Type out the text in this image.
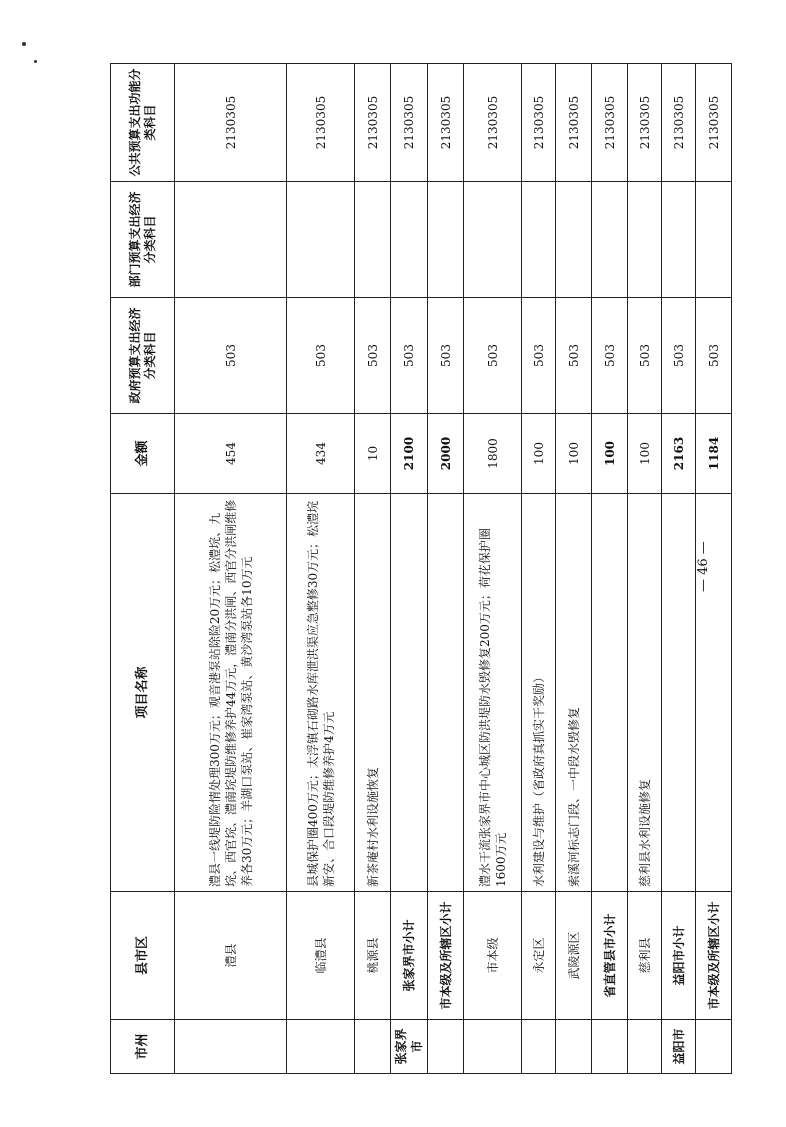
市州	县市区	项目名称	金额	政府预算支出经济分类科目	部门预算支出经济分类科目	公共预算支出功能分类科目
	澧县	澧县一线堤防险情处理300万元；观音港泵站除险20万元；松澧垸、九垸、西官垸、澧南垸堤防维修养护44万元，澧南分洪闸、西官分洪闸维修养各30万元；羊湖口泵站、崔家湾泵站、黄沙湾泵站各10万元	454	503		2130305
	临澧县	县城保护圈400万元；太浮镇石砌路水库泄洪渠应急整修30万元；松澧垸新安、合口段堤防维修养护4万元	434	503		2130305
	桃源县	新茶庵村水利设施恢复	10	503		2130305
张家界市	张家界市小计		2100	503		2130305
	市本级及所辖区小计		2000	503		2130305
	市本级	澧水干流张家界市中心城区防洪堤防水毁修复200万元；荷花保护圈1600万元	1800	503		2130305
	永定区	水利建设与维护（省政府真抓实干奖励）	100	503		2130305
	武陵源区	索溪河标志门段、一中段水毁修复	100	503		2130305
	省直管县市小计		100	503		2130305
	慈利县	慈利县水利设施修复	100	503		2130305
益阳市	益阳市小计		2163	503		2130305
	市本级及所辖区小计		1184	503		2130305
— 46 —
